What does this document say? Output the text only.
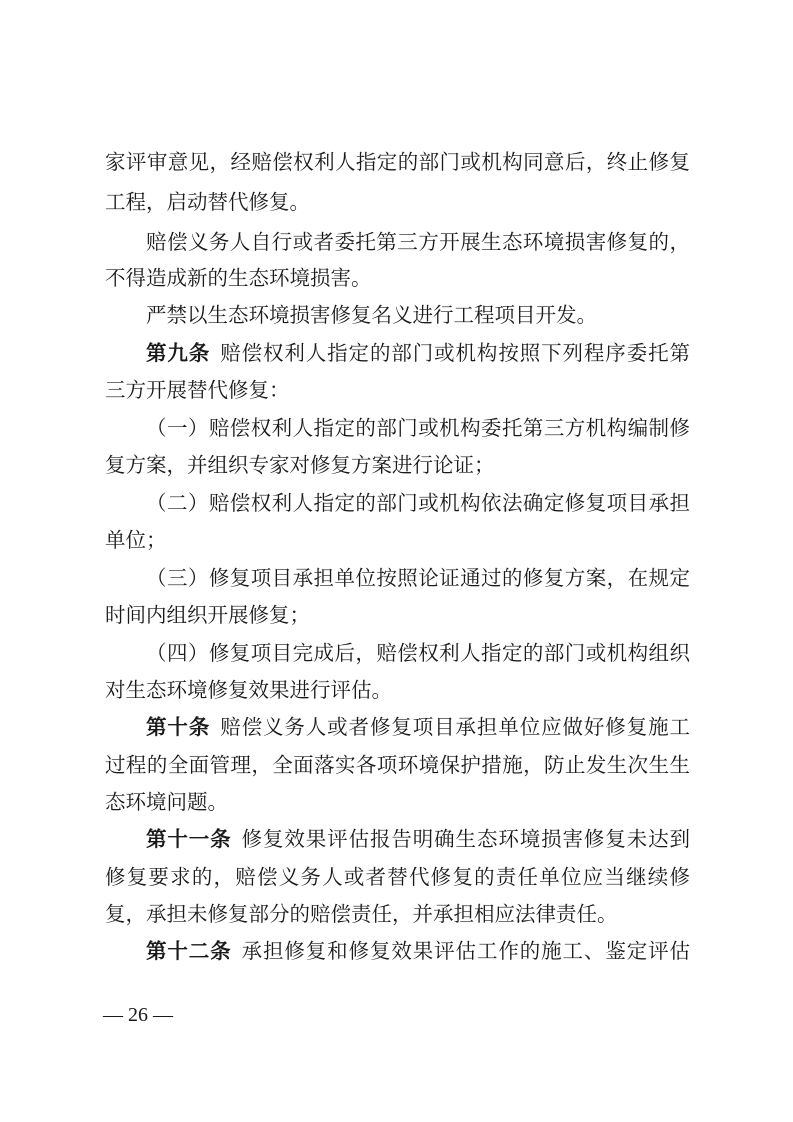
家评审意见，经赔偿权利人指定的部门或机构同意后，终止修复
工程，启动替代修复。
赔偿义务人自行或者委托第三方开展生态环境损害修复的，
不得造成新的生态环境损害。
严禁以生态环境损害修复名义进行工程项目开发。
第九条 赔偿权利人指定的部门或机构按照下列程序委托第
三方开展替代修复：
（一）赔偿权利人指定的部门或机构委托第三方机构编制修
复方案，并组织专家对修复方案进行论证；
（二）赔偿权利人指定的部门或机构依法确定修复项目承担
单位；
（三）修复项目承担单位按照论证通过的修复方案，在规定
时间内组织开展修复；
（四）修复项目完成后，赔偿权利人指定的部门或机构组织
对生态环境修复效果进行评估。
第十条 赔偿义务人或者修复项目承担单位应做好修复施工
过程的全面管理，全面落实各项环境保护措施，防止发生次生生
态环境问题。
第十一条 修复效果评估报告明确生态环境损害修复未达到
修复要求的，赔偿义务人或者替代修复的责任单位应当继续修
复，承担未修复部分的赔偿责任，并承担相应法律责任。
第十二条 承担修复和修复效果评估工作的施工、鉴定评估
— 26 —
